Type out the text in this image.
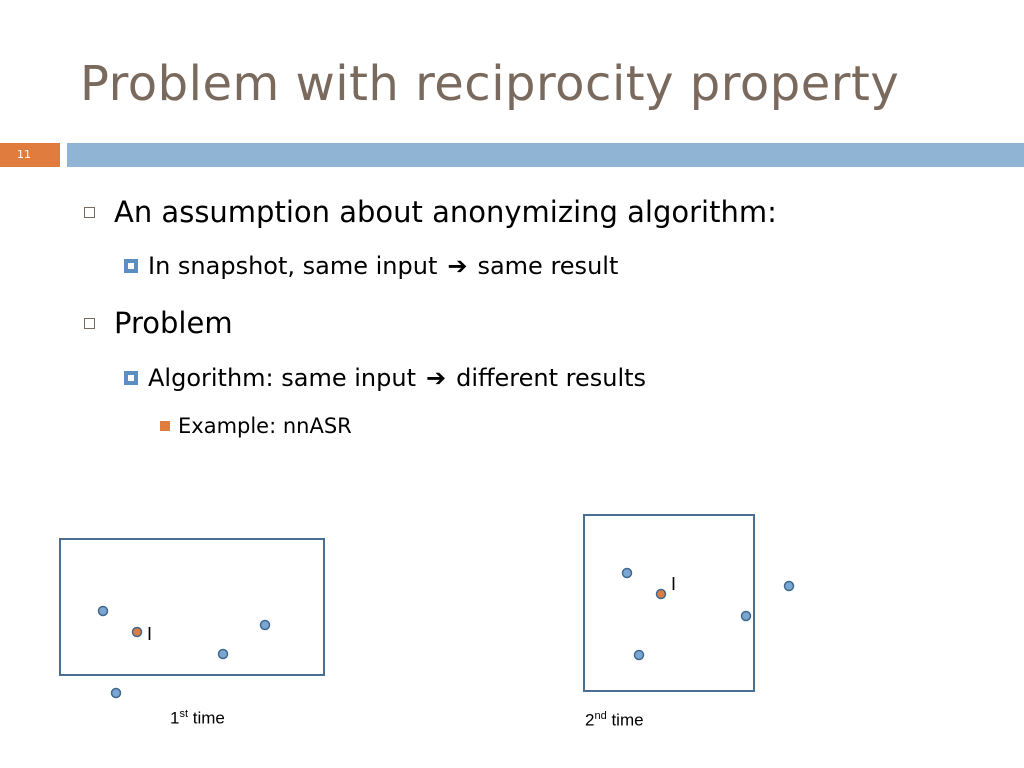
Problem with reciprocity property
11
An assumption about anonymizing algorithm:
In snapshot, same input ➔ same result
Problem
Algorithm: same input ➔ different results
Example: nnASR
I
I
1st time	2nd time
